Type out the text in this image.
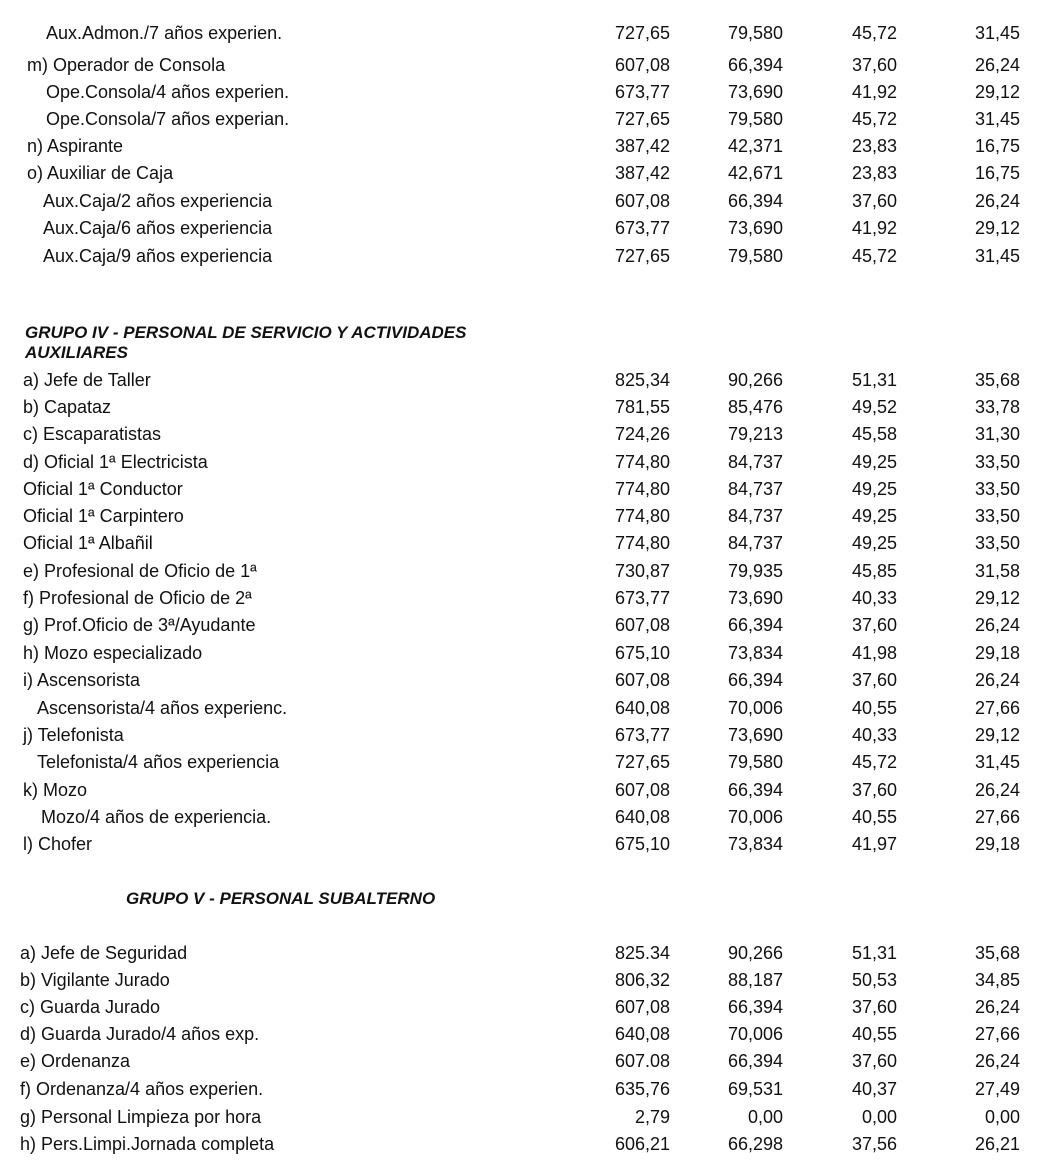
Aux.Admon./7 años experien.	727,65	79,580	45,72	31,45
m) Operador de Consola	607,08	66,394	37,60	26,24
Ope.Consola/4 años experien.	673,77	73,690	41,92	29,12
Ope.Consola/7 años experian.	727,65	79,580	45,72	31,45
n) Aspirante	387,42	42,371	23,83	16,75
o) Auxiliar de Caja	387,42	42,671	23,83	16,75
Aux.Caja/2 años experiencia	607,08	66,394	37,60	26,24
Aux.Caja/6 años experiencia	673,77	73,690	41,92	29,12
Aux.Caja/9 años experiencia	727,65	79,580	45,72	31,45
GRUPO IV - PERSONAL DE SERVICIO Y ACTIVIDADES
AUXILIARES
a) Jefe de Taller	825,34	90,266	51,31	35,68
b) Capataz	781,55	85,476	49,52	33,78
c) Escaparatistas	724,26	79,213	45,58	31,30
d) Oficial 1ª Electricista	774,80	84,737	49,25	33,50
Oficial 1ª Conductor	774,80	84,737	49,25	33,50
Oficial 1ª Carpintero	774,80	84,737	49,25	33,50
Oficial 1ª Albañil	774,80	84,737	49,25	33,50
e) Profesional de Oficio de 1ª	730,87	79,935	45,85	31,58
f) Profesional de Oficio de 2ª	673,77	73,690	40,33	29,12
g) Prof.Oficio de 3ª/Ayudante	607,08	66,394	37,60	26,24
h) Mozo especializado	675,10	73,834	41,98	29,18
i) Ascensorista	607,08	66,394	37,60	26,24
Ascensorista/4 años experienc.	640,08	70,006	40,55	27,66
j) Telefonista	673,77	73,690	40,33	29,12
Telefonista/4 años experiencia	727,65	79,580	45,72	31,45
k) Mozo	607,08	66,394	37,60	26,24
Mozo/4 años de experiencia.	640,08	70,006	40,55	27,66
l) Chofer	675,10	73,834	41,97	29,18
GRUPO V - PERSONAL SUBALTERNO
a) Jefe de Seguridad	825.34	90,266	51,31	35,68
b) Vigilante Jurado	806,32	88,187	50,53	34,85
c) Guarda Jurado	607,08	66,394	37,60	26,24
d) Guarda Jurado/4 años exp.	640,08	70,006	40,55	27,66
e) Ordenanza	607.08	66,394	37,60	26,24
f) Ordenanza/4 años experien.	635,76	69,531	40,37	27,49
g) Personal Limpieza por hora	2,79	0,00	0,00	0,00
h) Pers.Limpi.Jornada completa	606,21	66,298	37,56	26,21
